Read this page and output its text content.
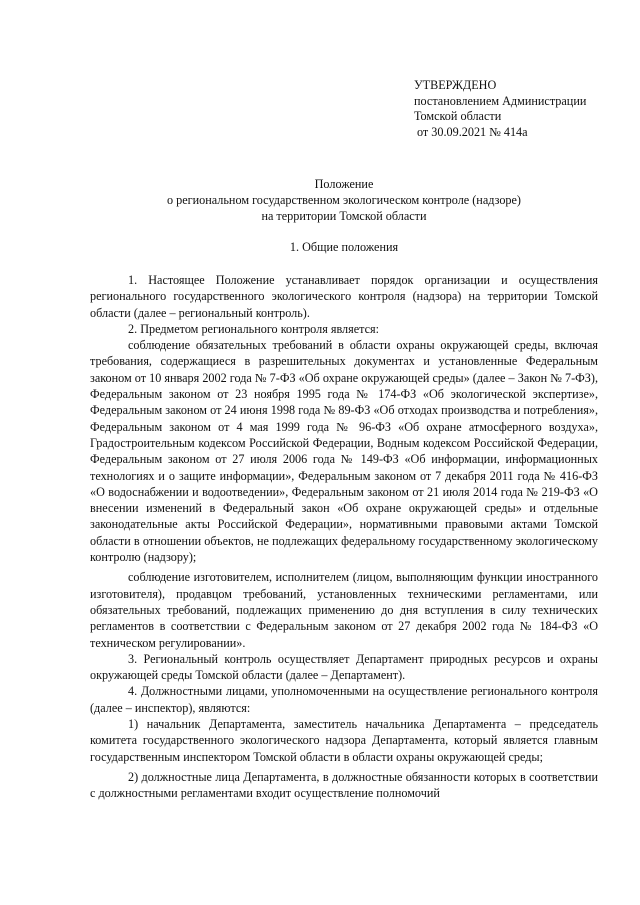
УТВЕРЖДЕНО
постановлением Администрации
Томской области
от 30.09.2021 № 414а
Положение
о региональном государственном экологическом контроле (надзоре)
на территории Томской области
1. Общие положения

1. Настоящее Положение устанавливает порядок организации и осуществления регионального государственного экологического контроля (надзора) на территории Томской области (далее – региональный контроль).

2. Предметом регионального контроля является:

соблюдение обязательных требований в области охраны окружающей среды, включая требования, содержащиеся в разрешительных документах и установленные Федеральным законом от 10 января 2002 года № 7-ФЗ «Об охране окружающей среды» (далее – Закон № 7-ФЗ), Федеральным законом от 23 ноября 1995 года № 174-ФЗ «Об экологической экспертизе», Федеральным законом от 24 июня 1998 года № 89-ФЗ «Об отходах производства и потребления», Федеральным законом от 4 мая 1999 года № 96-ФЗ «Об охране атмосферного воздуха», Градостроительным кодексом Российской Федерации, Водным кодексом Российской Федерации, Федеральным законом от 27 июля 2006 года № 149-ФЗ «Об информации, информационных технологиях и о защите информации», Федеральным законом от 7 декабря 2011 года № 416-ФЗ «О водоснабжении и водоотведении», Федеральным законом от 21 июля 2014 года № 219-ФЗ «О внесении изменений в Федеральный закон «Об охране окружающей среды» и отдельные законодательные акты Российской Федерации», нормативными правовыми актами Томской области в отношении объектов, не подлежащих федеральному государственному экологическому контролю (надзору);

соблюдение изготовителем, исполнителем (лицом, выполняющим функции иностранного изготовителя), продавцом требований, установленных техническими регламентами, или обязательных требований, подлежащих применению до дня вступления в силу технических регламентов в соответствии с Федеральным законом от 27 декабря 2002 года № 184-ФЗ «О техническом регулировании».

3. Региональный контроль осуществляет Департамент природных ресурсов и охраны окружающей среды Томской области (далее – Департамент).

4. Должностными лицами, уполномоченными на осуществление регионального контроля (далее – инспектор), являются:

1) начальник Департамента, заместитель начальника Департамента – председатель комитета государственного экологического надзора Департамента, который является главным государственным инспектором Томской области в области охраны окружающей среды;

2) должностные лица Департамента, в должностные обязанности которых в соответствии с должностными регламентами входит осуществление полномочий
